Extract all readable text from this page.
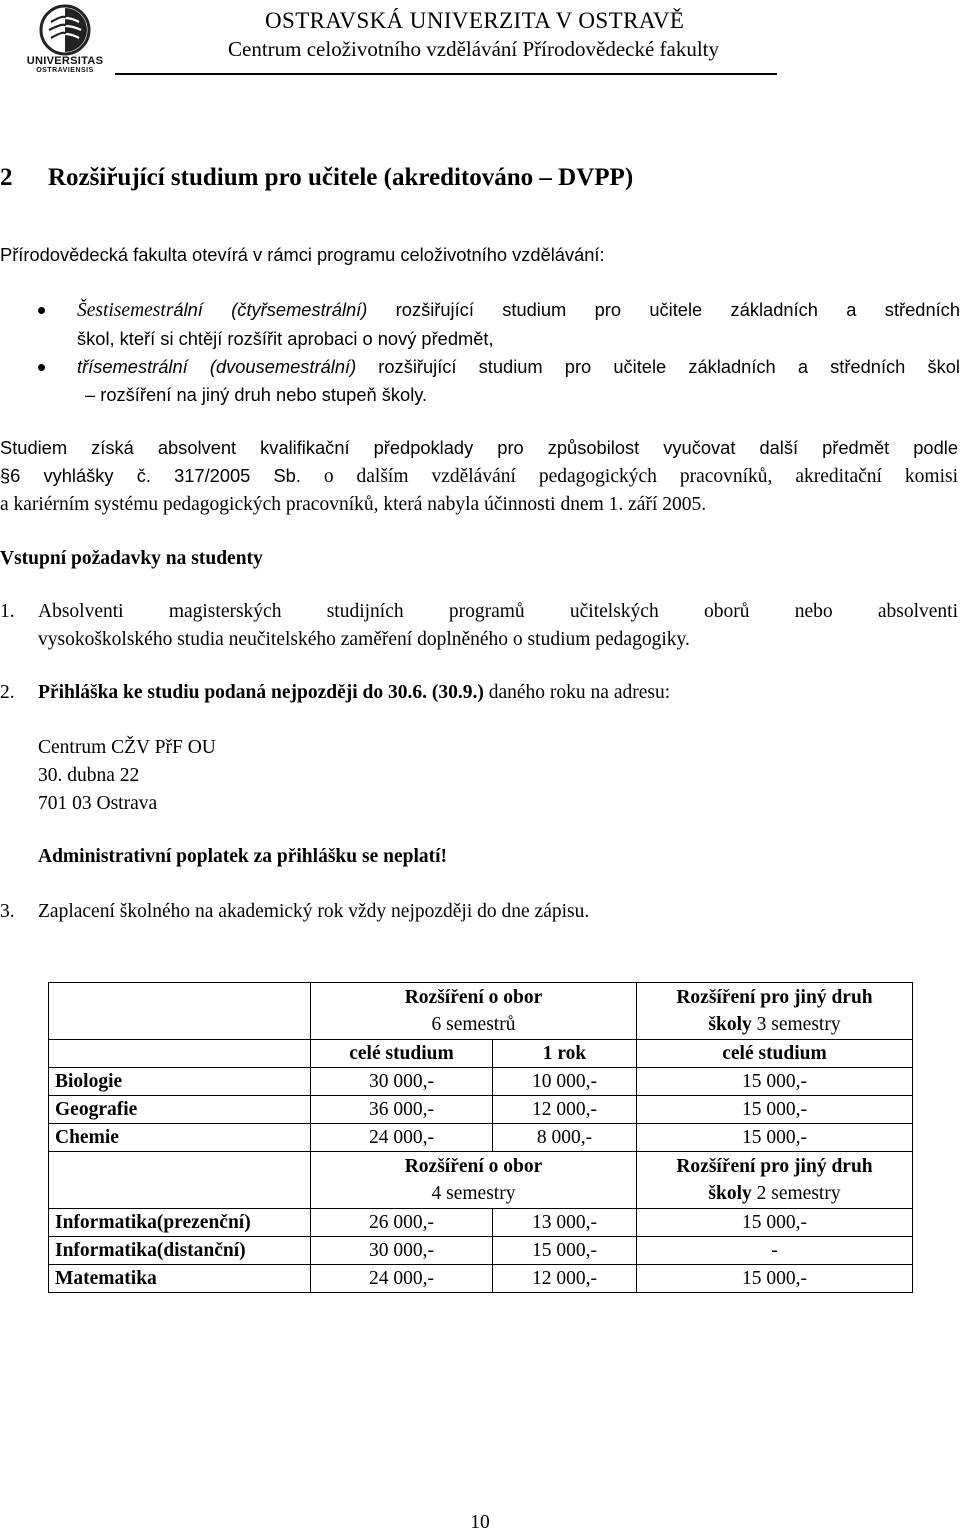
UNIVERSITAS
OSTRAVIENSIS
OSTRAVSKÁ UNIVERZITA V OSTRAVĚ
Centrum celoživotního vzdělávání Přírodovědecké fakulty
2 Rozšiřující studium pro učitele (akreditováno – DVPP)
Přírodovědecká fakulta otevírá v rámci programu celoživotního vzdělávání:
Šestisemestrální (čtyřsemestrální) rozšiřující studium pro učitele základních a středních
škol, kteří si chtějí rozšířit aprobaci o nový předmět,
třísemestrální (dvousemestrální) rozšiřující studium pro učitele základních a středních škol
– rozšíření na jiný druh nebo stupeň školy.
Studiem získá absolvent kvalifikační předpoklady pro způsobilost vyučovat další předmět podle
§6 vyhlášky č. 317/2005 Sb. o dalším vzdělávání pedagogických pracovníků, akreditační komisi
a kariérním systému pedagogických pracovníků, která nabyla účinnosti dnem 1. září 2005.
Vstupní požadavky na studenty
1. Absolventi magisterských studijních programů učitelských oborů nebo absolventi
vysokoškolského studia neučitelského zaměření doplněného o studium pedagogiky.
2. Přihláška ke studiu podaná nejpozději do 30.6. (30.9.) daného roku na adresu:
Centrum CŽV PřF OU
30. dubna 22
701 03 Ostrava
Administrativní poplatek za přihlášku se neplatí!
3. Zaplacení školného na akademický rok vždy nejpozději do dne zápisu.
	Rozšíření o obor
6 semestrů		Rozšíření pro jiný druh
školy 3 semestry
	celé studium	1 rok	celé studium
Biologie	30 000,-	10 000,-	15 000,-
Geografie	36 000,-	12 000,-	15 000,-
Chemie	24 000,-	8 000,-	15 000,-
	Rozšíření o obor
4 semestry		Rozšíření pro jiný druh
školy 2 semestry
Informatika(prezenční)	26 000,-	13 000,-	15 000,-
Informatika(distanční)	30 000,-	15 000,-	-
Matematika	24 000,-	12 000,-	15 000,-
10
